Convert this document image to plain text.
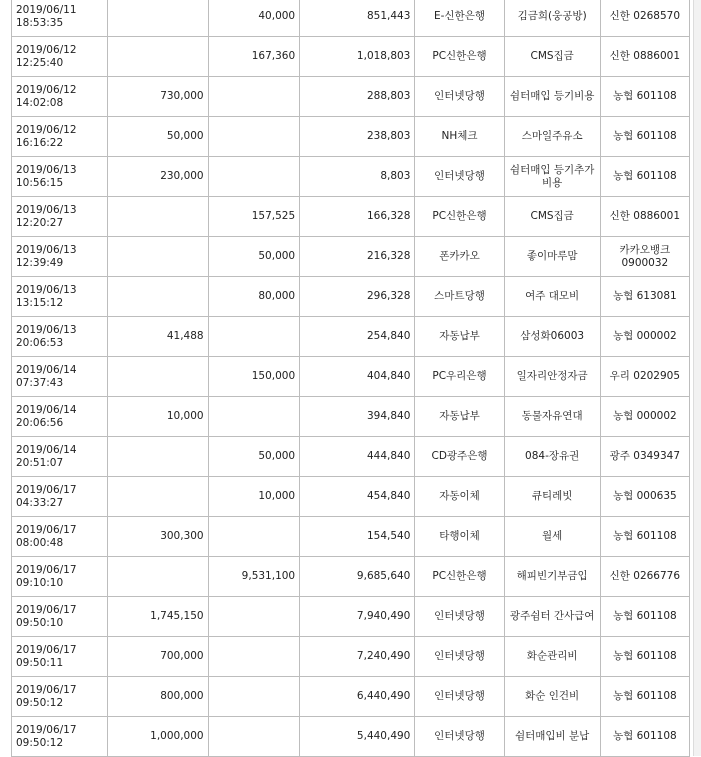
2019/06/11
18:53:35		40,000	851,443	E-신한은행	김금희(웅공방)	신한 0268570

2019/06/12
12:25:40		167,360	1,018,803	PC신한은행	CMS집금	신한 0886001

2019/06/12
14:02:08	730,000		288,803	인터넷당행	쉼터매입 등기비용	농협 601108

2019/06/12
16:16:22	50,000		238,803	NH체크	스마일주유소	농협 601108

2019/06/13
10:56:15	230,000		8,803	인터넷당행	쉼터매입 등기추가비용	농협 601108

2019/06/13
12:20:27		157,525	166,328	PC신한은행	CMS집금	신한 0886001

2019/06/13
12:39:49		50,000	216,328	폰카카오	좋이마루맘	카카오뱅크 0900032

2019/06/13
13:15:12		80,000	296,328	스마트당행	여주 대모비	농협 613081

2019/06/13
20:06:53	41,488		254,840	자동납부	삼성화06003	농협 000002

2019/06/14
07:37:43		150,000	404,840	PC우리은행	일자리안정자금	우리 0202905

2019/06/14
20:06:56	10,000		394,840	자동납부	동물자유연대	농협 000002

2019/06/14
20:51:07		50,000	444,840	CD광주은행	084-장유권	광주 0349347

2019/06/17
04:33:27		10,000	454,840	자동이체	큐티레빗	농협 000635

2019/06/17
08:00:48	300,300		154,540	타행이체	월세	농협 601108

2019/06/17
09:10:10		9,531,100	9,685,640	PC신한은행	해피빈기부금입	신한 0266776

2019/06/17
09:50:10	1,745,150		7,940,490	인터넷당행	광주쉼터 간사급여	농협 601108

2019/06/17
09:50:11	700,000		7,240,490	인터넷당행	화순관리비	농협 601108

2019/06/17
09:50:12	800,000		6,440,490	인터넷당행	화순 인건비	농협 601108

2019/06/17
09:50:12	1,000,000		5,440,490	인터넷당행	쉼터매입비 분납	농협 601108
